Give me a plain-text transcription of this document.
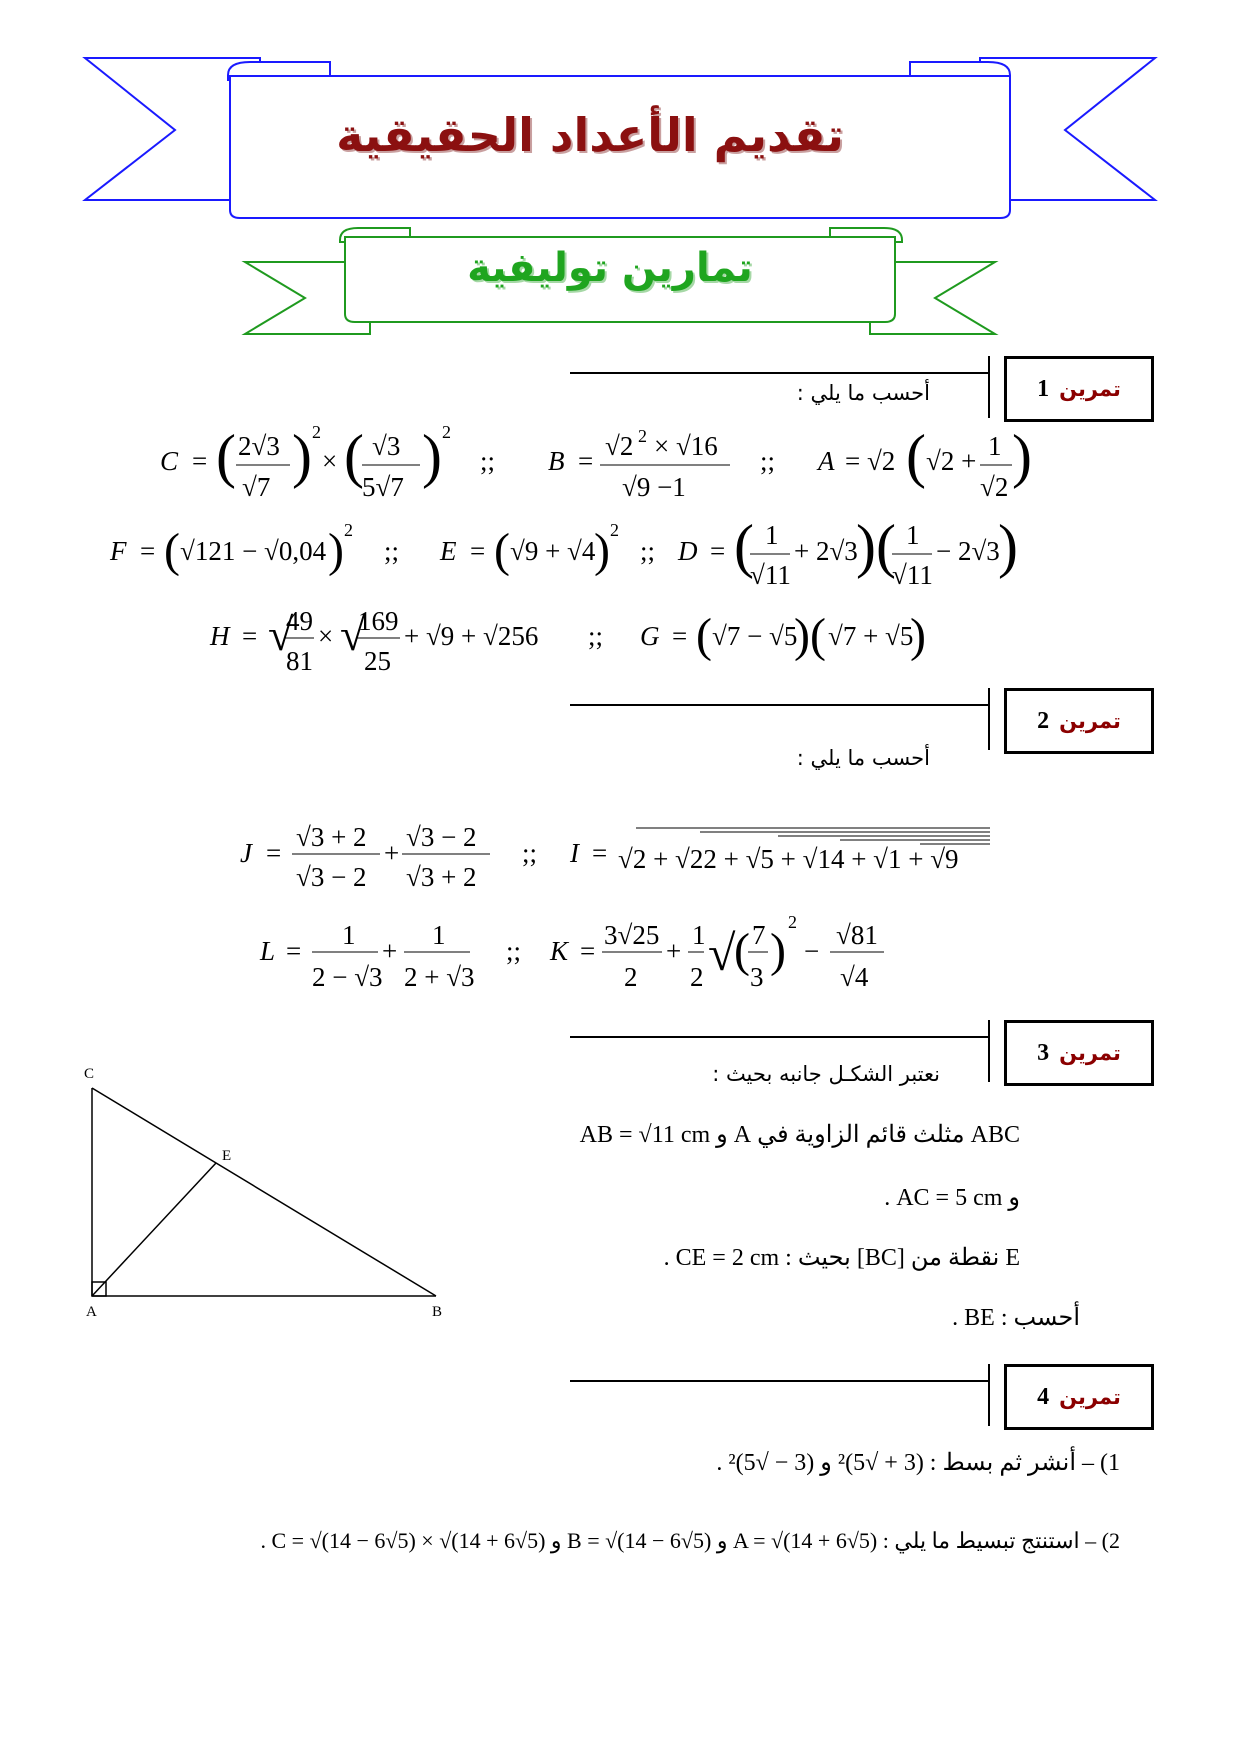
تقديم الأعداد الحقيقية
تمارين توليفية
1 تمرين
أحسب ما يلي :
C = ( 2√3
√7 ) 2
× ( √3
5√7 ) 2
;; B = √2 2 × √16
√9 −1
;; A = √2 ( √2 + 1
√2 )
F = ( √121 − √0,04 ) 2
;; E = ( √9 + √4
) 2
;; D = ( 1
√11
+ 2√3
)( 1
√11
− 2√3
)
H = √
49
81
× √
169
25
+ √9 + √256 ;; G = ( √7 − √5
)( √7 + √5
)
2 تمرين
أحسب ما يلي :
J =
√3 + 2
√3 − 2
+
√3 − 2
√3 + 2
;; I = √2 + √22 + √5 + √14 + √1 + √9
L =
1
2 − √3
+
1
2 + √3
;; K =
3√25
2
+
1
2 √
( 7
3 )
2
−
√81
√4
3 تمرين
نعتبر الشكـل جانبه بحيث :
C
E
A	B
ABC مثلث قائم الزاوية في A و AB = √11 cm
و AC = 5 cm .
E نقطة من [BC] بحيث : CE = 2 cm .
أحسب : BE .
4 تمرين
1) – أنشر ثم بسط : (3 + √5)² و (3 − √5)² .
2) – استنتج تبسيط ما يلي : A = √(14 + 6√5) و B = √(14 − 6√5) و C = √(14 − 6√5) × √(14 + 6√5) .
